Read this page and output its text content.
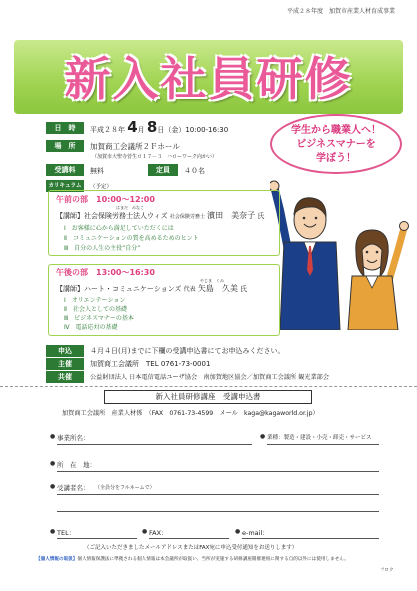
平成２８年度　加賀市産業人材育成事業
新入社員研修
日　時	平成２８年 4月 8日（金）10:00-16:30
場　所	加賀商工会議所２Ｆホール
（加賀市大聖寺菅生ロ１７－３　ハローワーク向かい）
受講料	無料	定員	４０名
カリキュラム	（予定）
学生から職業人へ！
ビジネスマナーを
学ぼう！
午前の部　10:00～12:00
はまだ　みなこ
【講師】社会保険労務士法人ウィズ 社会保険労務士 濱田　美奈子 氏
Ⅰ　お客様に心から満足していただくには
Ⅱ　コミュニケーションの質を高めるためのヒント
Ⅲ　自分の人生の主役”自分”
午後の部　13:00～16:30
やじま　くみ
【講師】ハート・コミュニケーションズ 代表 矢島　久美 氏
Ⅰ　オリエンテーション
Ⅱ　社会人としての基礎
Ⅲ　ビジネスマナーの基本
Ⅳ　電話応対の基礎
申込	４月４日(月)までに下欄の受講申込書にてお申込みください。
主催	加賀商工会議所　TEL 0761-73-0001
共催	公益財団法人 日本電信電話ユーザ協会　南加賀地区協会／加賀商工会議所 観光業部会
新入社員研修講座　受講申込書
加賀商工会議所　産業人材係　（FAX　0761-73-4599　メール　kaga@kagaworld.or.jp）
● 事業所名：	● 業種：製造・建設・小売・卸売・サービス
● 所　在　地：
● 受講者名： （全員分をフルネームで）
● TEL：	● FAX：	● e-mail：
（ご記入いただきましたメールアドレスまたはFAX宛に申込受付通知をお送りします）
【個人情報の取扱】個人情報保護法に準拠される個人情報は本会議所が取扱い、当所が実施する研修講座開催連絡に関する自的以外には使用しません。
フロク
